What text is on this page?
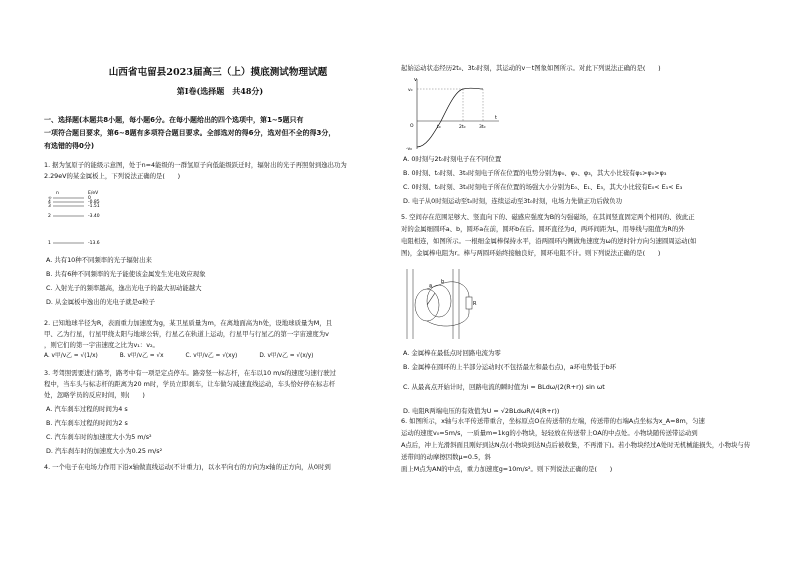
山西省屯留县2023届高三（上）摸底测试物理试题
第Ⅰ卷(选择题　共48分)

一、选择题(本题共8小题，每小题6分。在每小题给出的四个选项中，第1~5题只有

一项符合题目要求，第6~8题有多项符合题目要求。全部选对的得6分，选对但不全的得3分，

有选错的得0分)

1. 据为氢原子的能级示意图，处于n=4能级的一群氢原子向低能级跃迁时，辐射出的光子再照射到逸出功为

2.29eV的某金属板上，下列说法正确的是(　　)

n	E/eV
∞	0
4	-0.85
3	-1.51
2	-3.40
1	-13.6

A. 共有10种不同频率的光子辐射出来

B. 共有6种不同频率的光子能使该金属发生光电效应现象

C. 入射光子的频率越高，逸出光电子的最大初动能越大

D. 从金属板中逸出的光电子就是α粒子

2. 已知地球半径为R，表面重力加速度为g，某卫星质量为m，在离地面高为h处，设地球质量为M，且

甲、乙为行星，行星甲绕太阳与地球公转，行星乙在轨道上运动，行星甲与行星乙的第一宇宙速度为v

，则它们的第一宇宙速度之比为v₁：v₂。

A. v甲/v乙 = √(1/x)	B. v甲/v乙 = √x	C. v甲/v乙 = √(xy)	D. v甲/v乙 = √(x/y)

3. 考驾照需要进行路考，路考中有一项是定点停车。路旁竖一标志杆，在车以10 m/s的速度匀速行驶过

程中，当车头与标志杆的距离为20 m时，学员立即刹车，让车做匀减速直线运动，车头恰好停在标志杆

处，忽略学员的反应时间，则(　　)

A. 汽车刹车过程的时间为4 s

B. 汽车刹车过程的时间为2 s

C. 汽车刹车时的加速度大小为5 m/s²

D. 汽车刹车时的加速度大小为0.25 m/s²

4. 一个电子在电场力作用下沿x轴做直线运动(不计重力)，以水平向右的方向为x轴的正方向，从0时到

起始运动状态经历2t₀、3t₀时刻，其运动的v－t图象如图所示。对此下列说法正确的是(　　)

v
t
v₀
-v₀
O	t₀	2t₀	3t₀

A. 0时刻与2t₀时刻电子在不同位置

B. 0时刻、t₀时刻、3t₀时刻电子所在位置的电势分别为φ₀、φ₁、φ₃，其大小比较有φ₁>φ₀>φ₃

C. 0时刻、t₀时刻、3t₀时刻电子所在位置的场强大小分别为E₀、E₁、E₃，其大小比较有E₀< E₁< E₃

D. 电子从0时刻运动至t₀时刻，连续运动至3t₀时刻，电场力先做正功后做负功

5. 空间存在范围足够大、竖直向下的、磁感应强度为B的匀强磁场，在其间竖直固定两个相同的、彼此正

对的金属细圆环a、b，圆环a在前，圆环b在后。圆环直径为d，两环间距为L，用导线与阻值为R的外

电阻相连，如图所示。一根细金属棒保持水平，沿两圆环内侧做角速度为ω的逆时针方向匀速圆周运动(如

图)，金属棒电阻为r。棒与两圆环始终接触良好，圆环电阻不计。则下列说法正确的是(　　)

a
b
R

A. 金属棒在最低点时回路电流为零

B. 金属棒在圆环的上半部分运动时(不包括最左和最右点)，a环电势低于b环

C. 从最高点开始计时，回路电流的瞬时值为i = BLdω/(2(R+r)) sin ωt

D. 电阻R两端电压的有效值为U = √2BLdωR/(4(R+r))

6. 如图所示，x轴与水平传送带重合，坐标原点O在传送带的左端，传送带的右端A点坐标为x_A=8m，匀速

运动的速度v₀=5m/s，一质量m=1kg的小物块，轻轻放在传送带上OA的中点处。小物块随传送带运动到

A点后，冲上光滑斜面且刚好到达N点(小物块到达N点后被收集，不再滑下)。若小物块经过A处时无机械能损失，小物块与传送带间的动摩擦因数μ=0.5，斜

面上M点为AN的中点，重力加速度g=10m/s²。则下列说法正确的是(　　)
